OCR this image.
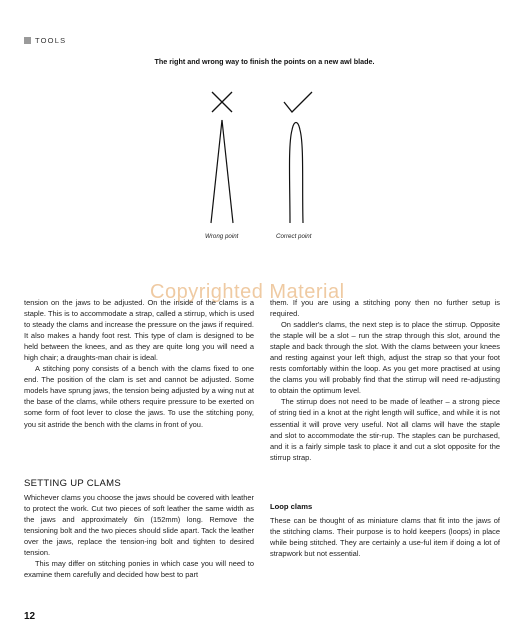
TOOLS
The right and wrong way to finish the points on a new awl blade.
Wrong point	Correct point

tension on the jaws to be adjusted. On the inside of the clams is a staple. This is to accommodate a strap, called a stirrup, which is used to steady the clams and increase the pressure on the jaws if required. It also makes a handy foot rest. This type of clam is designed to be held between the knees, and as they are quite long you will need a high chair; a draughts-man chair is ideal.

A stitching pony consists of a bench with the clams fixed to one end. The position of the clam is set and cannot be adjusted. Some models have sprung jaws, the tension being adjusted by a wing nut at the base of the clams, while others require pressure to be exerted on some form of foot lever to close the jaws. To use the stitching pony, you sit astride the bench with the clams in front of you.

SETTING UP CLAMS

Whichever clams you choose the jaws should be covered with leather to protect the work. Cut two pieces of soft leather the same width as the jaws and approximately 6in (152mm) long. Remove the tensioning bolt and the two pieces should slide apart. Tack the leather over the jaws, replace the tension-ing bolt and tighten to desired tension.

This may differ on stitching ponies in which case you will need to examine them carefully and decided how best to part

them. If you are using a stitching pony then no further setup is required.

On saddler's clams, the next step is to place the stirrup. Opposite the staple will be a slot – run the strap through this slot, around the staple and back through the slot. With the clams between your knees and resting against your left thigh, adjust the strap so that your foot rests comfortably within the loop. As you get more practised at using the clams you will probably find that the stirrup will need re-adjusting to obtain the optimum level.

The stirrup does not need to be made of leather – a strong piece of string tied in a knot at the right length will suffice, and while it is not essential it will prove very useful. Not all clams will have the staple and slot to accommodate the stir-rup. The staples can be purchased, and it is a fairly simple task to place it and cut a slot opposite for the stirrup strap.

Loop clams

These can be thought of as miniature clams that fit into the jaws of the stitching clams. Their purpose is to hold keepers (loops) in place while being stitched. They are certainly a use-ful item if doing a lot of strapwork but not essential.

Copyrighted Material
12
